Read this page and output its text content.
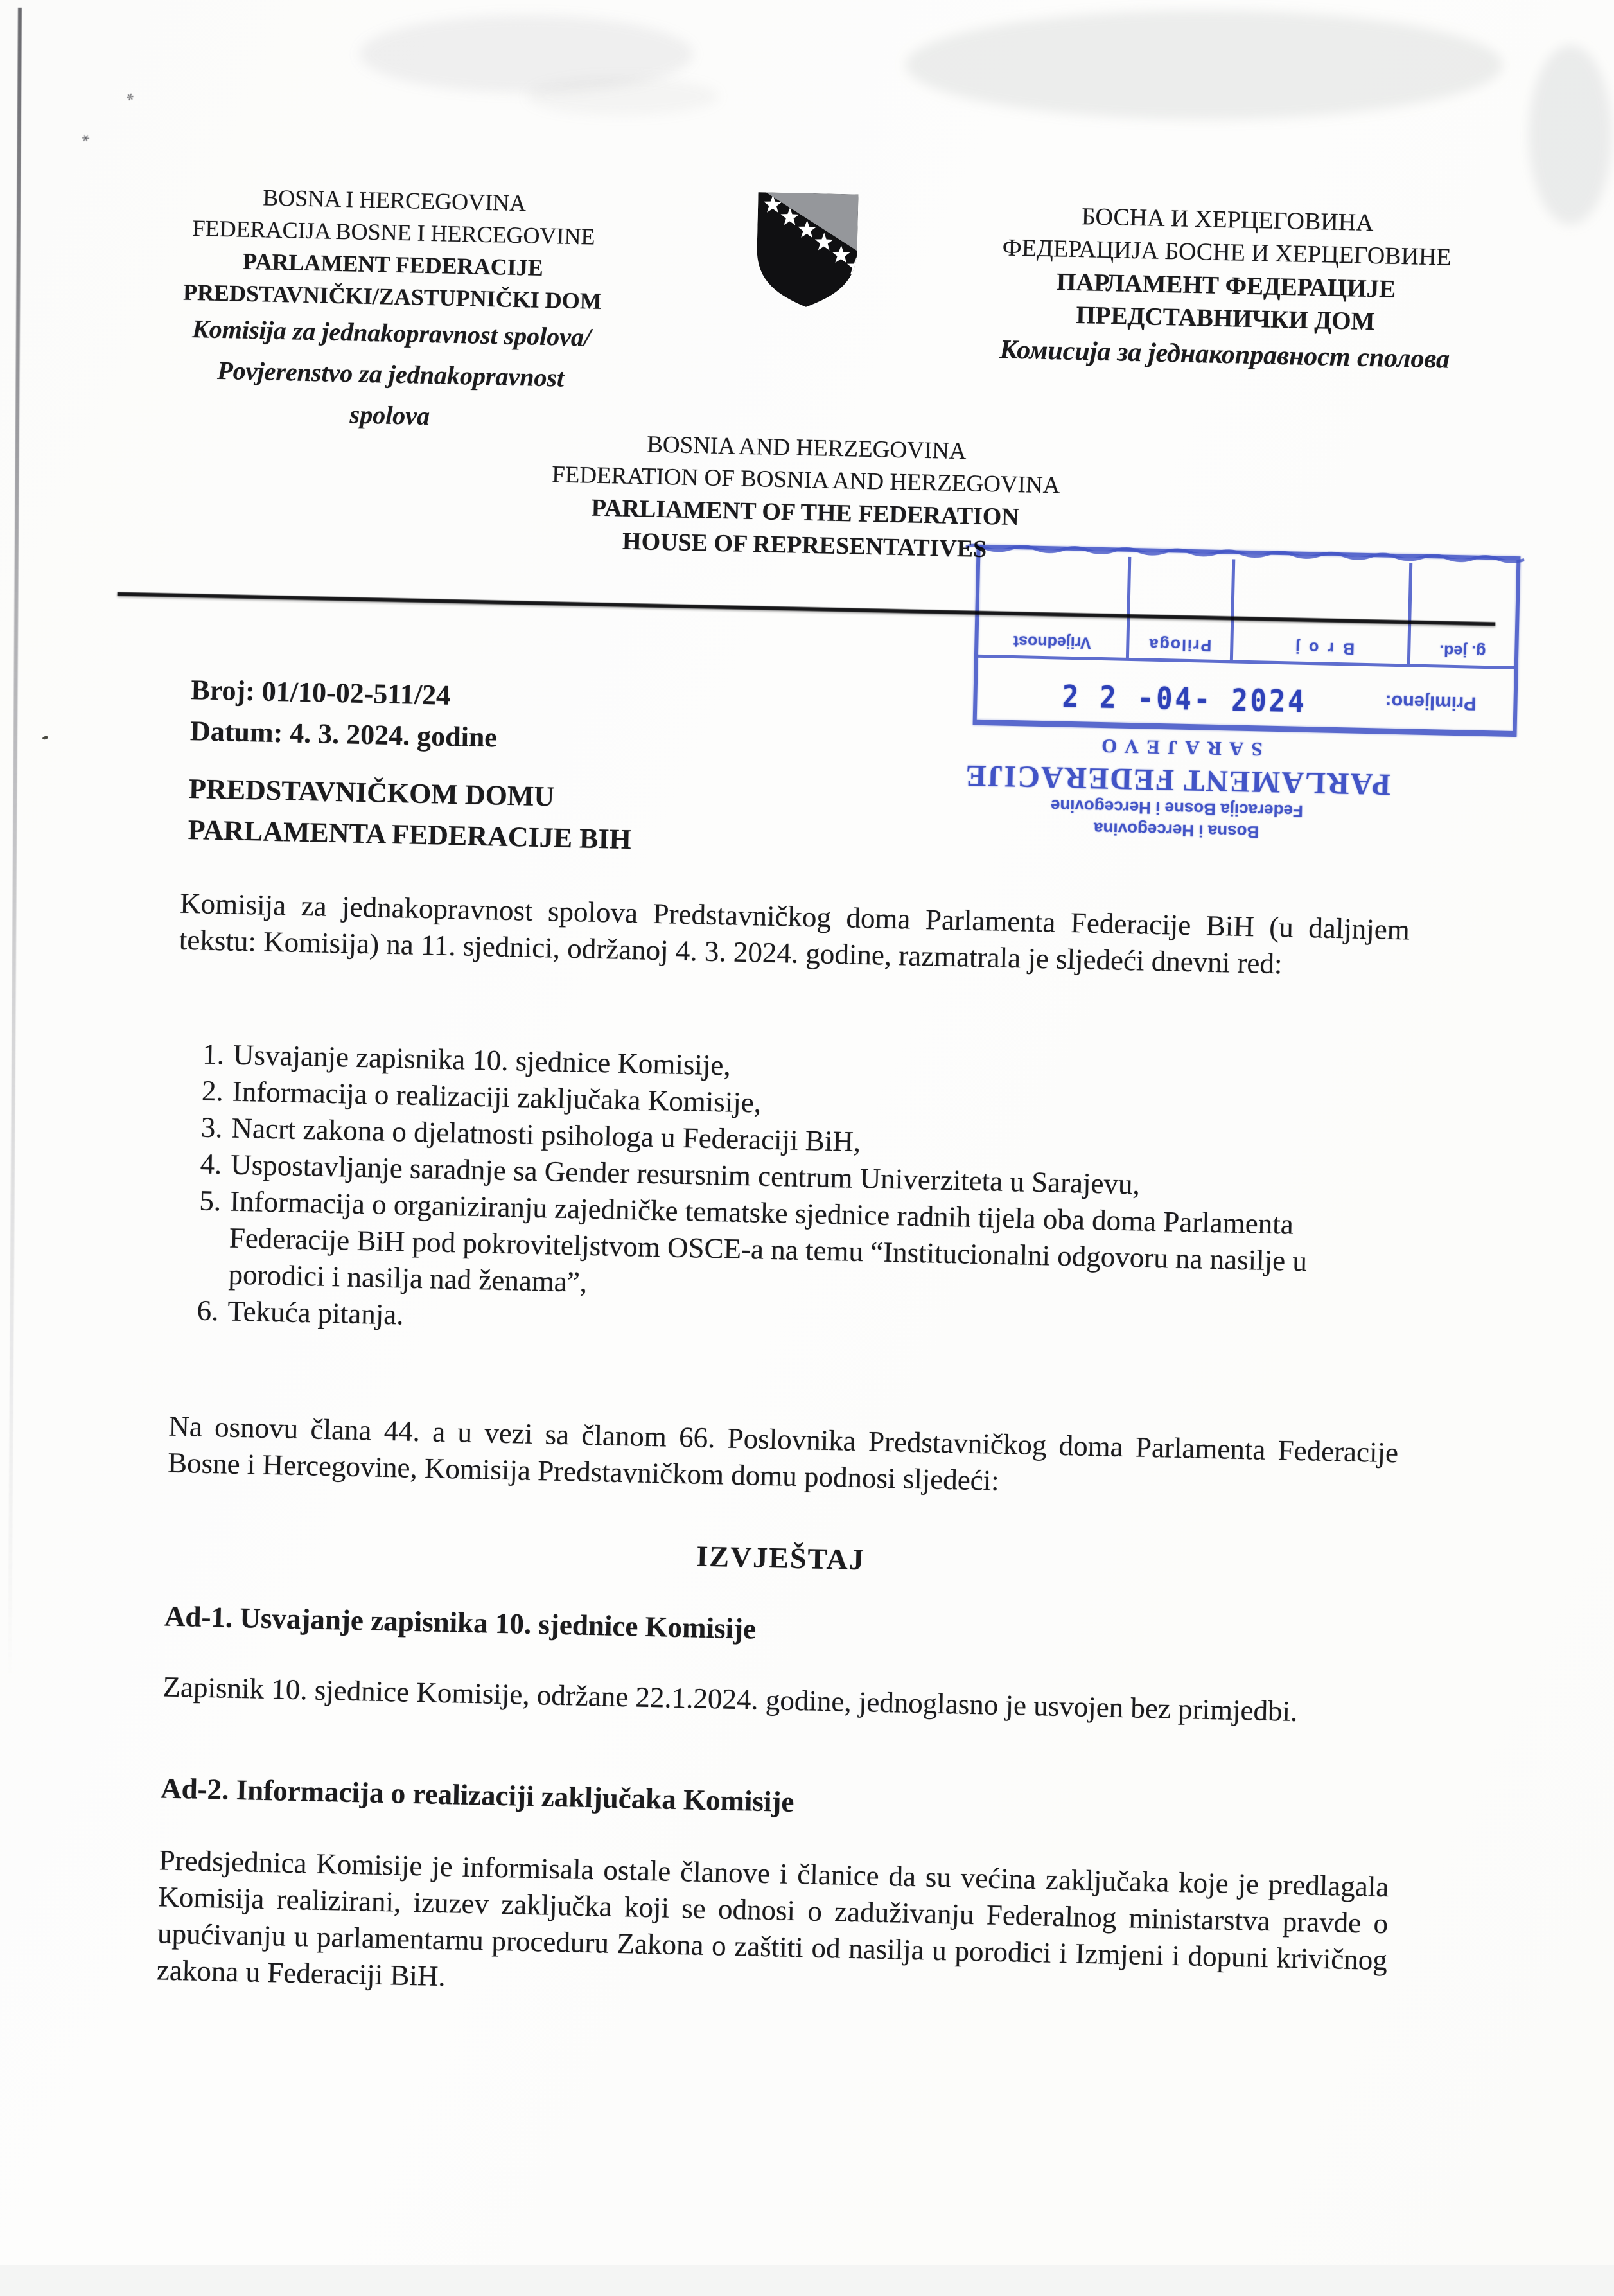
﹡
∗
BOSNA I HERCEGOVINA
FEDERACIJA BOSNE I HERCEGOVINE
PARLAMENT FEDERACIJE
PREDSTAVNIČKI/ZASTUPNIČKI DOM
Komisija za jednakopravnost spolova/
Povjerenstvo za jednakopravnost
spolova
БОСНА И ХЕРЦЕГОВИНА
ФЕДЕРАЦИЈА БОСНЕ И ХЕРЦЕГОВИНЕ
ПАРЛАМЕНТ ФЕДЕРАЦИЈЕ
ПРЕДСТАВНИЧКИ ДОМ
Комисија за једнакоправност сполова
BOSNIA AND HERZEGOVINA
FEDERATION OF BOSNIA AND HERZEGOVINA
PARLIAMENT OF THE FEDERATION
HOUSE OF REPRESENTATIVES
Bosna i Hercegovina
Federacija Bosne i Hercegovine
PARLAMENT FEDERACIJE
SARAJEVO
Primljeno:
2 2 -04- 2024
g. jed.
Broj
Priloga
Vrijednost
Broj: 01/10-02-511/24
Datum: 4. 3. 2024. godine
PREDSTAVNIČKOM DOMU
PARLAMENTA FEDERACIJE BIH
Komisija za jednakopravnost spolova Predstavničkog doma Parlamenta Federacije BiH (u daljnjem tekstu: Komisija) na 11. sjednici, održanoj 4. 3. 2024. godine, razmatrala je sljedeći dnevni red:
Usvajanje zapisnika 10. sjednice Komisije,
Informacija o realizaciji zaključaka Komisije,
Nacrt zakona o djelatnosti psihologa u Federaciji BiH,
Uspostavljanje saradnje sa Gender resursnim centrum Univerziteta u Sarajevu,
Informacija o organiziranju zajedničke tematske sjednice radnih tijela oba doma Parlamenta Federacije BiH pod pokroviteljstvom OSCE-a na temu “Institucionalni odgovoru na nasilje u porodici i nasilja nad ženama”,
Tekuća pitanja.
Na osnovu člana 44. a u vezi sa članom 66. Poslovnika Predstavničkog doma Parlamenta Federacije Bosne i Hercegovine, Komisija Predstavničkom domu podnosi sljedeći:
IZVJEŠTAJ
Ad-1. Usvajanje zapisnika 10. sjednice Komisije
Zapisnik 10. sjednice Komisije, održane 22.1.2024. godine, jednoglasno je usvojen bez primjedbi.
Ad-2. Informacija o realizaciji zaključaka Komisije
Predsjednica Komisije je informisala ostale članove i članice da su većina zaključaka koje je predlagala Komisija realizirani, izuzev zaključka koji se odnosi o zaduživanju Federalnog ministarstva pravde o upućivanju u parlamentarnu proceduru Zakona o zaštiti od nasilja u porodici i Izmjeni i dopuni krivičnog zakona u Federaciji BiH.
